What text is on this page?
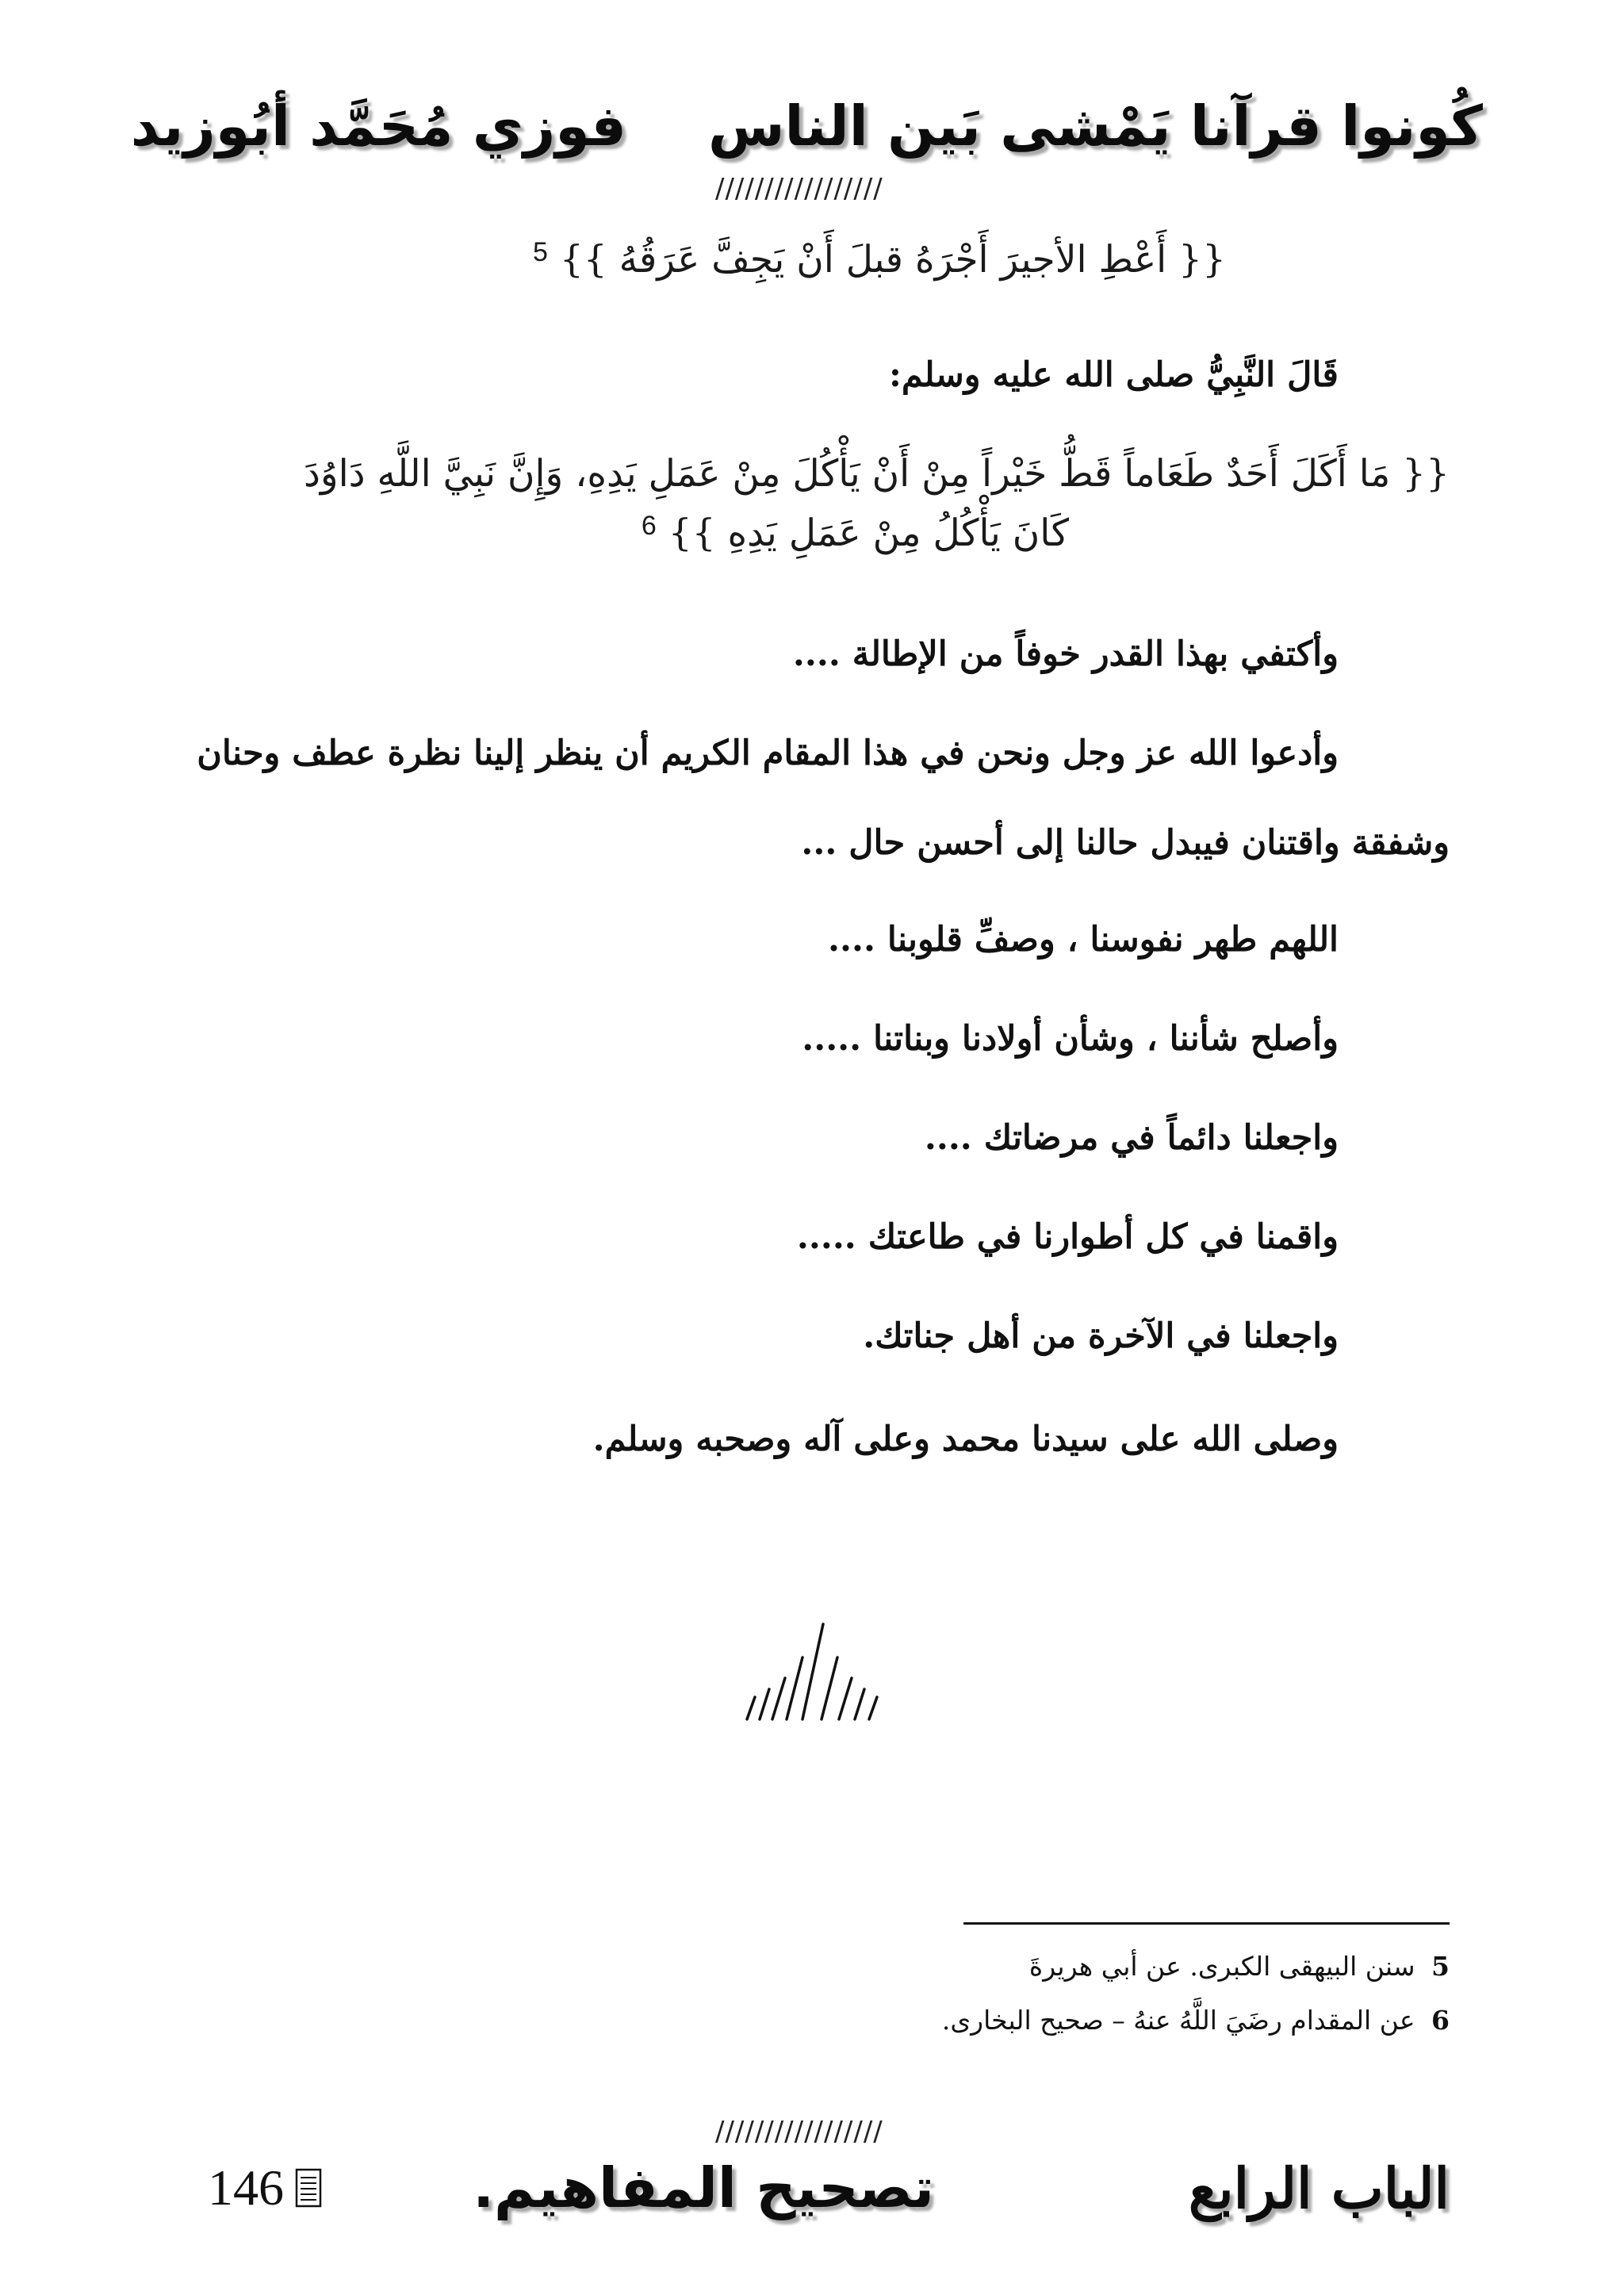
كُونوا قرآنا يَمْشى بَين الناس
فوزي مُحَمَّد أبُوزيد
/////////////////
{{ أَعْطِ الأجيرَ أَجْرَهُ قبلَ أَنْ يَجِفَّ عَرَقُهُ }} $^5$
قَالَ النَّبِيُّ صلى الله عليه وسلم:
{{ مَا أَكَلَ أَحَدٌ طَعَاماً قَطُّ خَيْراً مِنْ أَنْ يَأْكُلَ مِنْ عَمَلِ يَدِهِ، وَإِنَّ نَبِيَّ اللَّهِ دَاوُدَ
كَانَ يَأْكُلُ مِنْ عَمَلِ يَدِهِ }} $^6$
وأكتفي بهذا القدر خوفاً من الإطالة ....
وأدعوا الله عز وجل ونحن في هذا المقام الكريم أن ينظر إلينا نظرة عطف وحنان
وشفقة واقتنان فيبدل حالنا إلى أحسن حال ...
اللهم طهر نفوسنا ، وصفِّ قلوبنا ....
وأصلح شأننا ، وشأن أولادنا وبناتنا .....
واجعلنا دائماً في مرضاتك ....
واقمنا في كل أطوارنا في طاعتك .....
واجعلنا في الآخرة من أهل جناتك.
وصلى الله على سيدنا محمد وعلى آله وصحبه وسلم.
5 سنن البيهقى الكبرى. عن أبي هريرةَ
6 عن المقدام رضَيَ اللَّهُ عنهُ – صحيح البخارى.
/////////////////
الباب الرابع
تصحيح المفاهيم.
146
